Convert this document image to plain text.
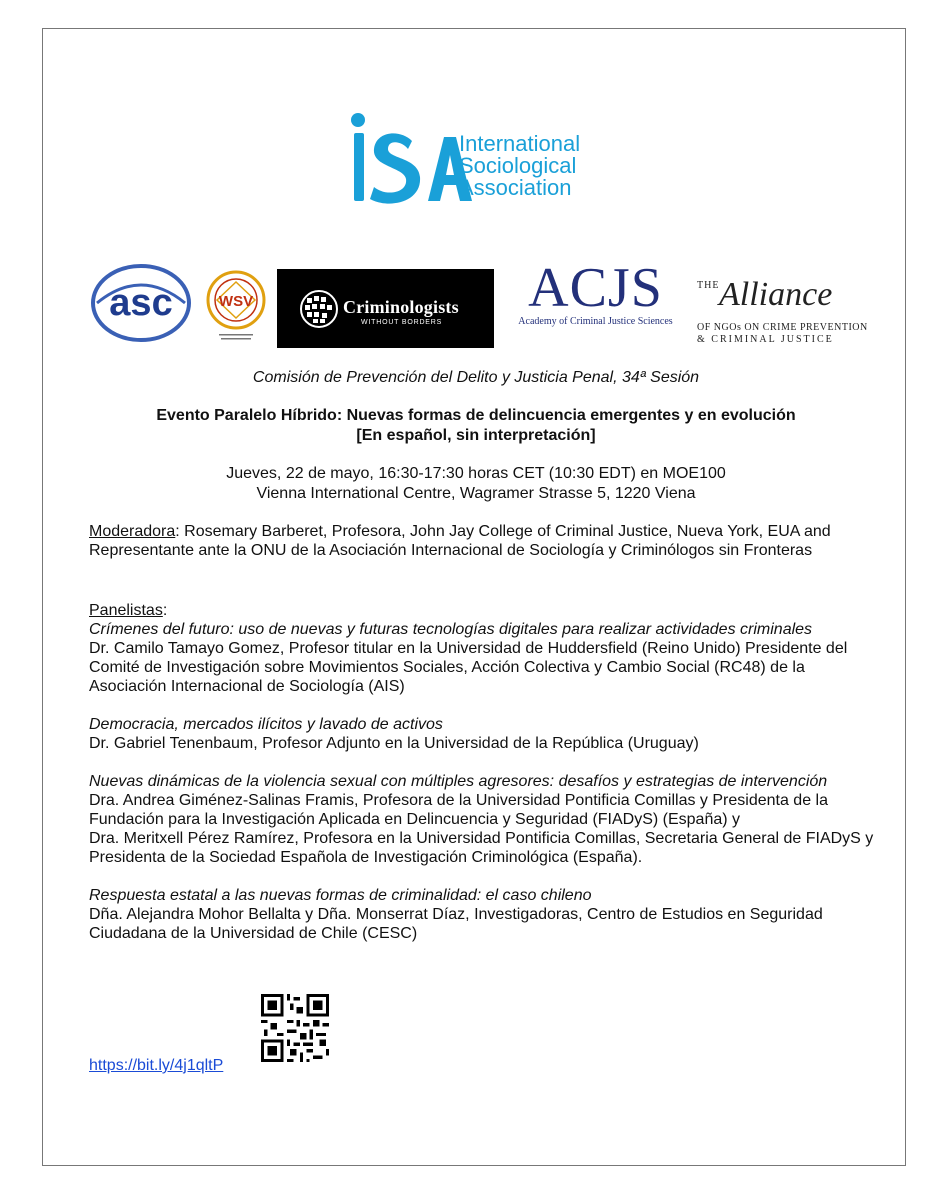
International
Sociological
Association
asc	WSV	Criminologists
WITHOUT BORDERS
ACJS
Academy of Criminal Justice Sciences
THE Alliance
OF NGOs ON CRIME PREVENTION
& CRIMINAL JUSTICE
Comisión de Prevención del Delito y Justicia Penal, 34ª Sesión
Evento Paralelo Híbrido: Nuevas formas de delincuencia emergentes y en evolución
[En español, sin interpretación]
Jueves, 22 de mayo, 16:30-17:30 horas CET (10:30 EDT) en MOE100
Vienna International Centre, Wagramer Strasse 5, 1220 Viena

Moderadora: Rosemary Barberet, Profesora, John Jay College of Criminal Justice, Nueva York, EUA and Representante ante la ONU de la Asociación Internacional de Sociología y Criminólogos sin Fronteras

Panelistas:

Crímenes del futuro: uso de nuevas y futuras tecnologías digitales para realizar actividades criminales

Dr. Camilo Tamayo Gomez, Profesor titular en la Universidad de Huddersfield (Reino Unido) Presidente del Comité de Investigación sobre Movimientos Sociales, Acción Colectiva y Cambio Social (RC48) de la Asociación Internacional de Sociología (AIS)

Democracia, mercados ilícitos y lavado de activos

Dr. Gabriel Tenenbaum, Profesor Adjunto en la Universidad de la República (Uruguay)

Nuevas dinámicas de la violencia sexual con múltiples agresores: desafíos y estrategias de intervención

Dra. Andrea Giménez-Salinas Framis, Profesora de la Universidad Pontificia Comillas y Presidenta de la Fundación para la Investigación Aplicada en Delincuencia y Seguridad (FIADyS) (España) y

Dra. Meritxell Pérez Ramírez, Profesora en la Universidad Pontificia Comillas, Secretaria General de FIADyS y Presidenta de la Sociedad Española de Investigación Criminológica (España).

Respuesta estatal a las nuevas formas de criminalidad: el caso chileno

Dña. Alejandra Mohor Bellalta y Dña. Monserrat Díaz, Investigadoras, Centro de Estudios en Seguridad Ciudadana de la Universidad de Chile (CESC)

https://bit.ly/4j1qltP
